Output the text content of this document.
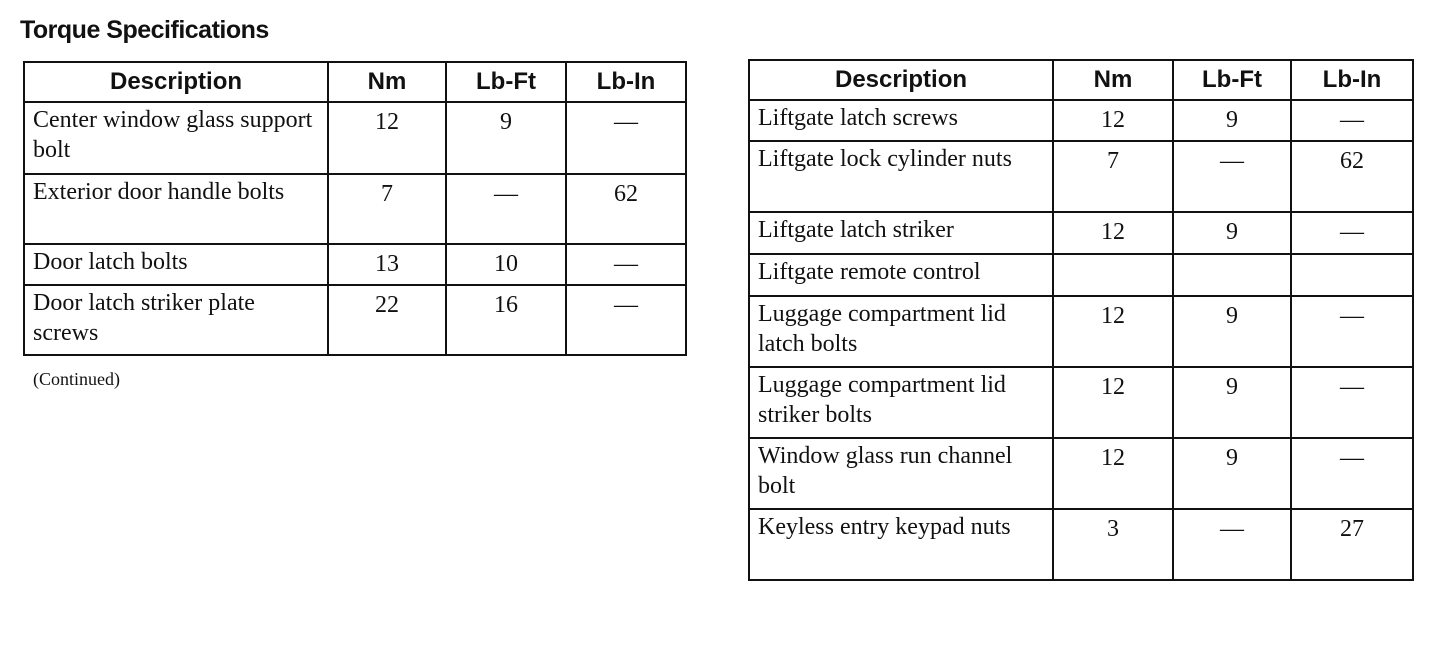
Torque Specifications
Description	Nm	Lb-Ft	Lb-In
Center window glass support bolt	12	9	—
Exterior door handle bolts	7	—	62
Door latch bolts	13	10	—
Door latch striker plate screws	22	16	—
(Continued)
Description	Nm	Lb-Ft	Lb-In
Liftgate latch screws	12	9	—
Liftgate lock cylinder nuts	7	—	62
Liftgate latch striker	12	9	—
Liftgate remote control			
Luggage compartment lid latch bolts	12	9	—
Luggage compartment lid striker bolts	12	9	—
Window glass run channel bolt	12	9	—
Keyless entry keypad nuts	3	—	27
